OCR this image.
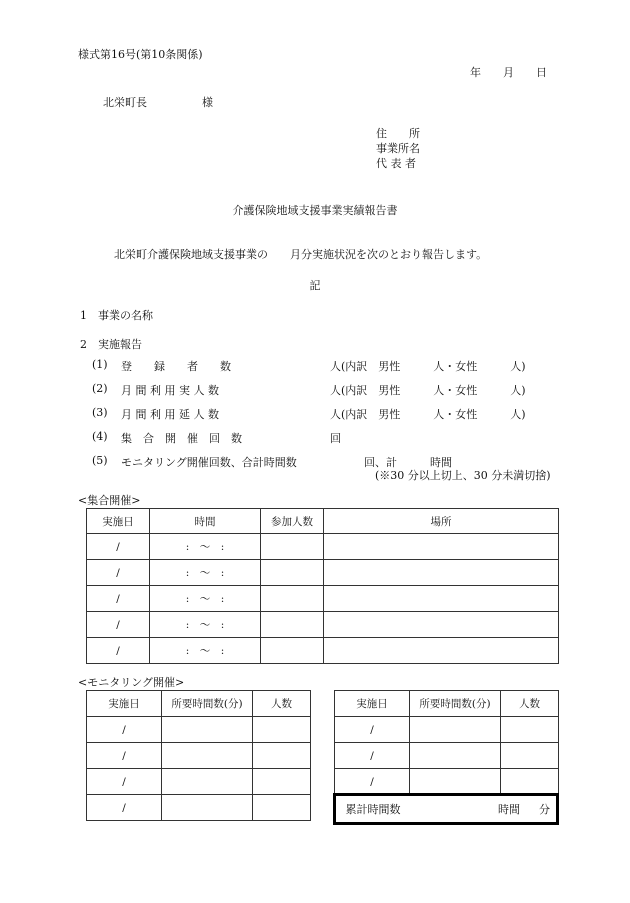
様式第16号(第10条関係)
年　　月　　日
北栄町長　　　　　様
住　　所
事業所名
代 表 者
介護保険地域支援事業実績報告書
北栄町介護保険地域支援事業の　　月分実施状況を次のとおり報告します。
記
1　事業の名称
2　実施報告
(1) 登　　録　　者　　数	人(内訳　男性　　　人・女性　　　人)
(2) 月 間 利 用 実 人 数	人(内訳　男性　　　人・女性　　　人)
(3) 月 間 利 用 延 人 数	人(内訳　男性　　　人・女性　　　人)
(4) 集　合　開　催　回　数	回
(5) モニタリング開催回数、合計時間数	回、計　　　時間
(※30 分以上切上、30 分未満切捨)
<集合開催>
実施日	時間	参加人数	場所
/	:　〜　:		
/	:　〜　:		
/	:　〜　:		
/	:　〜　:		
/	:　〜　:		
<モニタリング開催>
実施日	所要時間数(分)	人数
/		
/		
/		
/		
実施日	所要時間数(分)	人数
/		
/		
/		
累計時間数	時間	分
